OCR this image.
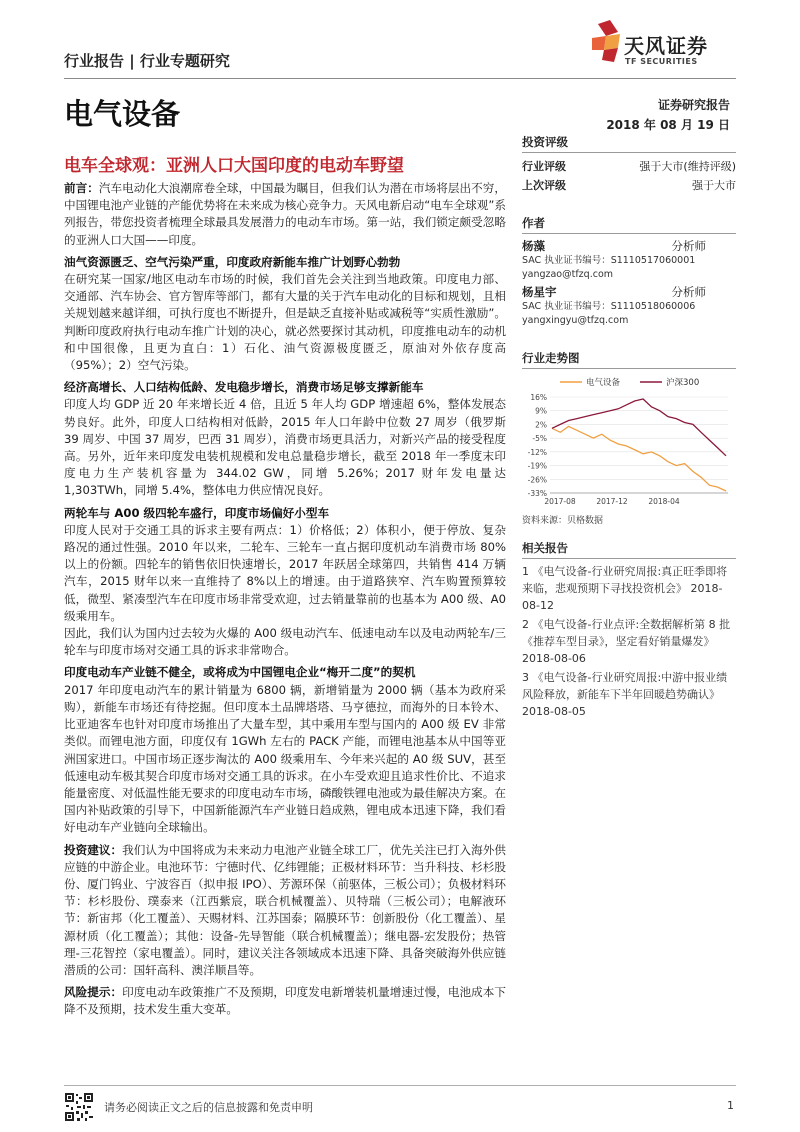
行业报告 | 行业专题研究
天风证券
TF SECURITIES
电气设备	证券研究报告
2018 年 08 月 19 日
电车全球观：亚洲人口大国印度的电动车野望
前言：汽车电动化大浪潮席卷全球，中国最为瞩目，但我们认为潜在市场将层出不穷，中国锂电池产业链的产能优势将在未来成为核心竞争力。天风电新启动“电车全球观”系列报告，带您投资者梳理全球最具发展潜力的电动车市场。第一站，我们锁定颇受忽略的亚洲人口大国——印度。
油气资源匮乏、空气污染严重，印度政府新能车推广计划野心勃勃
在研究某一国家/地区电动车市场的时候，我们首先会关注到当地政策。印度电力部、交通部、汽车协会、官方智库等部门，都有大量的关于汽车电动化的目标和规划，且相关规划越来越详细，可执行度也不断提升，但是缺乏直接补贴或减税等“实质性激励”。判断印度政府执行电动车推广计划的决心，就必然要探讨其动机，印度推电动车的动机和中国很像，且更为直白：1）石化、油气资源极度匮乏，原油对外依存度高（95%）；2）空气污染。
经济高增长、人口结构低龄、发电稳步增长，消费市场足够支撑新能车
印度人均 GDP 近 20 年来增长近 4 倍，且近 5 年人均 GDP 增速超 6%，整体发展态势良好。此外，印度人口结构相对低龄，2015 年人口年龄中位数 27 周岁（俄罗斯 39 周岁、中国 37 周岁，巴西 31 周岁），消费市场更具活力，对新兴产品的接受程度高。另外，近年来印度发电装机规模和发电总量稳步增长，截至 2018 年一季度末印度电力生产装机容量为 344.02 GW，同增 5.26%；2017 财年发电量达 1,303TWh，同增 5.4%，整体电力供应情况良好。
两轮车与 A00 级四轮车盛行，印度市场偏好小型车
印度人民对于交通工具的诉求主要有两点：1）价格低；2）体积小，便于停放、复杂路况的通过性强。2010 年以来，二轮车、三轮车一直占据印度机动车消费市场 80%以上的份额。四轮车的销售依旧快速增长，2017 年跃居全球第四，共销售 414 万辆汽车，2015 财年以来一直维持了 8%以上的增速。由于道路狭窄、汽车购置预算较低，微型、紧凑型汽车在印度市场非常受欢迎，过去销量靠前的也基本为 A00 级、A0 级乘用车。
因此，我们认为国内过去较为火爆的 A00 级电动汽车、低速电动车以及电动两轮车/三轮车与印度市场对交通工具的诉求非常吻合。
印度电动车产业链不健全，或将成为中国锂电企业“梅开二度”的契机
2017 年印度电动汽车的累计销量为 6800 辆，新增销量为 2000 辆（基本为政府采购），新能车市场还有待挖掘。但印度本土品牌塔塔、马亨德拉，而海外的日本铃木、比亚迪客车也针对印度市场推出了大量车型，其中乘用车型与国内的 A00 级 EV 非常类似。而锂电池方面，印度仅有 1GWh 左右的 PACK 产能，而锂电池基本从中国等亚洲国家进口。中国市场正逐步淘汰的 A00 级乘用车、今年来兴起的 A0 级 SUV，甚至低速电动车极其契合印度市场对交通工具的诉求。在小车受欢迎且追求性价比、不追求能量密度、对低温性能无要求的印度电动车市场，磷酸铁锂电池或为最佳解决方案。在国内补贴政策的引导下，中国新能源汽车产业链日趋成熟，锂电成本迅速下降，我们看好电动车产业链向全球输出。
投资建议：我们认为中国将成为未来动力电池产业链全球工厂，优先关注已打入海外供应链的中游企业。电池环节：宁德时代、亿纬锂能；正极材料环节：当升科技、杉杉股份、厦门钨业、宁波容百（拟申报 IPO）、芳源环保（前驱体，三板公司）；负极材料环节：杉杉股份、璞泰来（江西紫宸，联合机械覆盖）、贝特瑞（三板公司）；电解液环节：新宙邦（化工覆盖）、天赐材料、江苏国泰；隔膜环节：创新股份（化工覆盖）、星源材质（化工覆盖）；其他：设备-先导智能（联合机械覆盖）；继电器-宏发股份；热管理-三花智控（家电覆盖）。同时，建议关注各领域成本迅速下降、具备突破海外供应链潜质的公司：国轩高科、澳洋顺昌等。
风险提示：印度电动车政策推广不及预期，印度发电新增装机量增速过慢，电池成本下降不及预期，技术发生重大变革。
投资评级
行业评级	强于大市(维持评级)
上次评级	强于大市
作者
杨藻	分析师
SAC 执业证书编号：S1110517060001
yangzao@tfzq.com
杨星宇	分析师
SAC 执业证书编号：S1110518060006
yangxingyu@tfzq.com
行业走势图
电气设备	沪深300
16%
9%
2%
-5%
-12%
-19%
-26%
-33%
2017-08	2017-12	2018-04
资料来源：贝格数据
相关报告
1 《电气设备-行业研究周报:真正旺季即将来临，悲观预期下寻找投资机会》 2018-08-12
2 《电气设备-行业点评:全数据解析第 8 批《推荐车型目录》，坚定看好销量爆发》 2018-08-06
3 《电气设备-行业研究周报:中游中报业绩风险释放，新能车下半年回暖趋势确认》 2018-08-05
请务必阅读正文之后的信息披露和免责申明	1
